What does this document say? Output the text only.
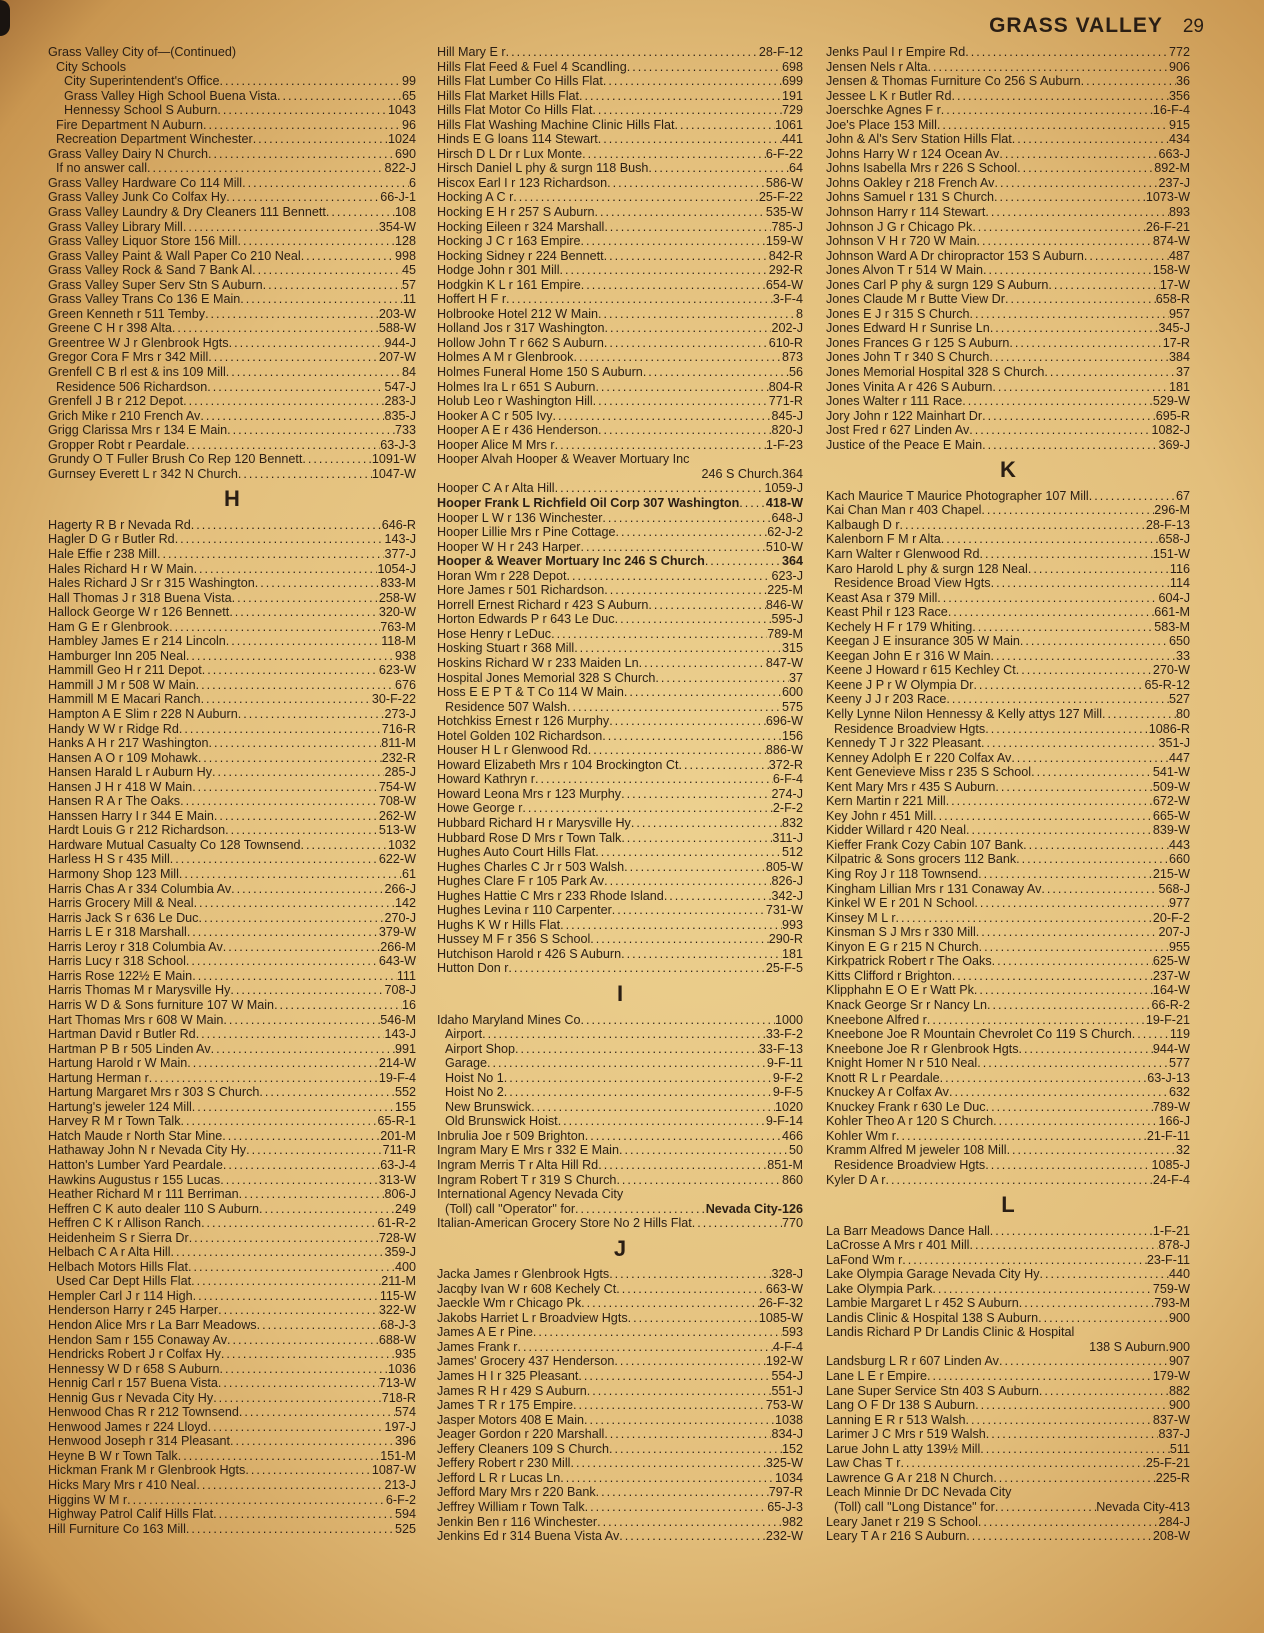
GRASS VALLEY 29
Grass Valley City of—(Continued)
City Schools
City Superintendent's Office .....	99
Grass Valley High School Buena Vista .....	65
Hennessy School S Auburn .....	1043
Fire Department N Auburn .....	96
Recreation Department Winchester .....	1024
Grass Valley Dairy N Church .....	690
If no answer call .....	822-J
Grass Valley Hardware Co 114 Mill .....	6
Grass Valley Junk Co Colfax Hy .....	66-J-1
Grass Valley Laundry & Dry Cleaners 111 Bennett .....	108
Grass Valley Library Mill .....	354-W
Grass Valley Liquor Store 156 Mill .....	128
Grass Valley Paint & Wall Paper Co 210 Neal .....	998
Grass Valley Rock & Sand 7 Bank Al .....	45
Grass Valley Super Serv Stn S Auburn .....	57
Grass Valley Trans Co 136 E Main .....	11
Green Kenneth r 511 Temby .....	203-W
Greene C H r 398 Alta .....	588-W
Greentree W J r Glenbrook Hgts .....	944-J
Gregor Cora F Mrs r 342 Mill .....	207-W
Grenfell C B rl est & ins 109 Mill .....	84
Residence 506 Richardson .....	547-J
Grenfell J B r 212 Depot .....	283-J
Grich Mike r 210 French Av .....	835-J
Grigg Clarissa Mrs r 134 E Main .....	733
Gropper Robt r Peardale .....	63-J-3
Grundy O T Fuller Brush Co Rep 120 Bennett .....	1091-W
Gurnsey Everett L r 342 N Church .....	1047-W
H
Hagerty R B r Nevada Rd .....	646-R
Hagler D G r Butler Rd .....	143-J
Hale Effie r 238 Mill .....	377-J
Hales Richard H r W Main .....	1054-J
Hales Richard J Sr r 315 Washington .....	833-M
Hall Thomas J r 318 Buena Vista .....	258-W
Hallock George W r 126 Bennett .....	320-W
Ham G E r Glenbrook .....	763-M
Hambley James E r 214 Lincoln .....	118-M
Hamburger Inn 205 Neal .....	938
Hammill Geo H r 211 Depot .....	623-W
Hammill J M r 508 W Main .....	676
Hammill M E Macari Ranch .....	30-F-22
Hampton A E Slim r 228 N Auburn .....	273-J
Handy W W r Ridge Rd .....	716-R
Hanks A H r 217 Washington .....	811-M
Hansen A O r 109 Mohawk .....	232-R
Hansen Harald L r Auburn Hy .....	285-J
Hansen J H r 418 W Main .....	754-W
Hansen R A r The Oaks .....	708-W
Hanssen Harry I r 344 E Main .....	262-W
Hardt Louis G r 212 Richardson .....	513-W
Hardware Mutual Casualty Co 128 Townsend .....	1032
Harless H S r 435 Mill .....	622-W
Harmony Shop 123 Mill .....	61
Harris Chas A r 334 Columbia Av .....	266-J
Harris Grocery Mill & Neal .....	142
Harris Jack S r 636 Le Duc .....	270-J
Harris L E r 318 Marshall .....	379-W
Harris Leroy r 318 Columbia Av .....	266-M
Harris Lucy r 318 School .....	643-W
Harris Rose 122½ E Main .....	111
Harris Thomas M r Marysville Hy .....	708-J
Harris W D & Sons furniture 107 W Main .....	16
Hart Thomas Mrs r 608 W Main .....	546-M
Hartman David r Butler Rd .....	143-J
Hartman P B r 505 Linden Av .....	991
Hartung Harold r W Main .....	214-W
Hartung Herman r .....	19-F-4
Hartung Margaret Mrs r 303 S Church .....	552
Hartung's jeweler 124 Mill .....	155
Harvey R M r Town Talk .....	65-R-1
Hatch Maude r North Star Mine .....	201-M
Hathaway John N r Nevada City Hy .....	711-R
Hatton's Lumber Yard Peardale .....	63-J-4
Hawkins Augustus r 155 Lucas .....	313-W
Heather Richard M r 111 Berriman .....	806-J
Heffren C K auto dealer 110 S Auburn .....	249
Heffren C K r Allison Ranch .....	61-R-2
Heidenheim S r Sierra Dr .....	728-W
Helbach C A r Alta Hill .....	359-J
Helbach Motors Hills Flat .....	400
Used Car Dept Hills Flat .....	211-M
Hempler Carl J r 114 High .....	115-W
Henderson Harry r 245 Harper .....	322-W
Hendon Alice Mrs r La Barr Meadows .....	68-J-3
Hendon Sam r 155 Conaway Av .....	688-W
Hendricks Robert J r Colfax Hy .....	935
Hennessy W D r 658 S Auburn .....	1036
Hennig Carl r 157 Buena Vista .....	713-W
Hennig Gus r Nevada City Hy .....	718-R
Henwood Chas R r 212 Townsend .....	574
Henwood James r 224 Lloyd .....	197-J
Henwood Joseph r 314 Pleasant .....	396
Heyne B W r Town Talk .....	151-M
Hickman Frank M r Glenbrook Hgts .....	1087-W
Hicks Mary Mrs r 410 Neal .....	213-J
Higgins W M r .....	6-F-2
Highway Patrol Calif Hills Flat .....	594
Hill Furniture Co 163 Mill .....	525
Hill Mary E r .....	28-F-12
Hills Flat Feed & Fuel 4 Scandling .....	698
Hills Flat Lumber Co Hills Flat .....	699
Hills Flat Market Hills Flat .....	191
Hills Flat Motor Co Hills Flat .....	729
Hills Flat Washing Machine Clinic Hills Flat .....	1061
Hinds E G loans 114 Stewart .....	441
Hirsch D L Dr r Lux Monte .....	6-F-22
Hirsch Daniel L phy & surgn 118 Bush .....	64
Hiscox Earl I r 123 Richardson .....	586-W
Hocking A C r .....	25-F-22
Hocking E H r 257 S Auburn .....	535-W
Hocking Eileen r 324 Marshall .....	785-J
Hocking J C r 163 Empire .....	159-W
Hocking Sidney r 224 Bennett .....	842-R
Hodge John r 301 Mill .....	292-R
Hodgkin K L r 161 Empire .....	654-W
Hoffert H F r .....	3-F-4
Holbrooke Hotel 212 W Main .....	8
Holland Jos r 317 Washington .....	202-J
Hollow John T r 662 S Auburn .....	610-R
Holmes A M r Glenbrook .....	873
Holmes Funeral Home 150 S Auburn .....	56
Holmes Ira L r 651 S Auburn .....	804-R
Holub Leo r Washington Hill .....	771-R
Hooker A C r 505 Ivy .....	845-J
Hooper A E r 436 Henderson .....	820-J
Hooper Alice M Mrs r .....	1-F-23
Hooper Alvah Hooper & Weaver Mortuary Inc
246 S Church . 364
Hooper C A r Alta Hill .....	1059-J
Hooper Frank L Richfield Oil Corp 307 Washington ..... 418-W
Hooper L W r 136 Winchester .....	648-J
Hooper Lillie Mrs r Pine Cottage .....	62-J-2
Hooper W H r 243 Harper .....	510-W
Hooper & Weaver Mortuary Inc 246 S Church .....	364
Horan Wm r 228 Depot .....	623-J
Hore James r 501 Richardson .....	225-M
Horrell Ernest Richard r 423 S Auburn .....	846-W
Horton Edwards P r 643 Le Duc .....	595-J
Hose Henry r LeDuc .....	789-M
Hosking Stuart r 368 Mill .....	315
Hoskins Richard W r 233 Maiden Ln .....	847-W
Hospital Jones Memorial 328 S Church .....	37
Hoss E E P T & T Co 114 W Main .....	600
Residence 507 Walsh .....	575
Hotchkiss Ernest r 126 Murphy .....	696-W
Hotel Golden 102 Richardson .....	156
Houser H L r Glenwood Rd .....	886-W
Howard Elizabeth Mrs r 104 Brockington Ct .....	372-R
Howard Kathryn r .....	6-F-4
Howard Leona Mrs r 123 Murphy .....	274-J
Howe George r .....	2-F-2
Hubbard Richard H r Marysville Hy .....	832
Hubbard Rose D Mrs r Town Talk .....	311-J
Hughes Auto Court Hills Flat .....	512
Hughes Charles C Jr r 503 Walsh .....	805-W
Hughes Clare F r 105 Park Av .....	826-J
Hughes Hattie C Mrs r 233 Rhode Island .....	342-J
Hughes Levina r 110 Carpenter .....	731-W
Hughs K W r Hills Flat .....	993
Hussey M F r 356 S School .....	290-R
Hutchison Harold r 426 S Auburn .....	181
Hutton Don r .....	25-F-5
I
Idaho Maryland Mines Co .....	1000
Airport .....	33-F-2
Airport Shop .....	33-F-13
Garage .....	9-F-11
Hoist No 1 .....	9-F-2
Hoist No 2 .....	9-F-5
New Brunswick .....	1020
Old Brunswick Hoist .....	9-F-14
Inbrulia Joe r 509 Brighton .....	466
Ingram Mary E Mrs r 332 E Main .....	50
Ingram Merris T r Alta Hill Rd .....	851-M
Ingram Robert T r 319 S Church .....	860
International Agency Nevada City
(Toll) call "Operator" for .....	Nevada City-126
Italian-American Grocery Store No 2 Hills Flat .....	770
J
Jacka James r Glenbrook Hgts .....	328-J
Jacqby Ivan W r 608 Kechely Ct .....	663-W
Jaeckle Wm r Chicago Pk .....	26-F-32
Jakobs Harriet L r Broadview Hgts .....	1085-W
James A E r Pine .....	593
James Frank r .....	4-F-4
James' Grocery 437 Henderson .....	192-W
James H I r 325 Pleasant .....	554-J
James R H r 429 S Auburn .....	551-J
James T R r 175 Empire .....	753-W
Jasper Motors 408 E Main .....	1038
Jeager Gordon r 220 Marshall .....	834-J
Jeffery Cleaners 109 S Church .....	152
Jeffery Robert r 230 Mill .....	325-W
Jefford L R r Lucas Ln .....	1034
Jefford Mary Mrs r 220 Bank .....	797-R
Jeffrey William r Town Talk .....	65-J-3
Jenkin Ben r 116 Winchester .....	982
Jenkins Ed r 314 Buena Vista Av .....	232-W
Jenks Paul I r Empire Rd .....	772
Jensen Nels r Alta .....	906
Jensen & Thomas Furniture Co 256 S Auburn .....	36
Jessee L K r Butler Rd .....	356
Joerschke Agnes F r .....	16-F-4
Joe's Place 153 Mill .....	915
John & Al's Serv Station Hills Flat .....	434
Johns Harry W r 124 Ocean Av .....	663-J
Johns Isabella Mrs r 226 S School .....	892-M
Johns Oakley r 218 French Av .....	237-J
Johns Samuel r 131 S Church .....	1073-W
Johnson Harry r 114 Stewart .....	893
Johnson J G r Chicago Pk .....	26-F-21
Johnson V H r 720 W Main .....	874-W
Johnson Ward A Dr chiropractor 153 S Auburn .....	487
Jones Alvon T r 514 W Main .....	158-W
Jones Carl P phy & surgn 129 S Auburn .....	17-W
Jones Claude M r Butte View Dr .....	658-R
Jones E J r 315 S Church .....	957
Jones Edward H r Sunrise Ln .....	345-J
Jones Frances G r 125 S Auburn .....	17-R
Jones John T r 340 S Church .....	384
Jones Memorial Hospital 328 S Church .....	37
Jones Vinita A r 426 S Auburn .....	181
Jones Walter r 111 Race .....	529-W
Jory John r 122 Mainhart Dr .....	695-R
Jost Fred r 627 Linden Av .....	1082-J
Justice of the Peace E Main .....	369-J
K
Kach Maurice T Maurice Photographer 107 Mill .....	67
Kai Chan Man r 403 Chapel .....	296-M
Kalbaugh D r .....	28-F-13
Kalenborn F M r Alta .....	658-J
Karn Walter r Glenwood Rd .....	151-W
Karo Harold L phy & surgn 128 Neal .....	116
Residence Broad View Hgts .....	114
Keast Asa r 379 Mill .....	604-J
Keast Phil r 123 Race .....	661-M
Kechely H F r 179 Whiting .....	583-M
Keegan J E insurance 305 W Main .....	650
Keegan John E r 316 W Main .....	33
Keene J Howard r 615 Kechley Ct .....	270-W
Keene J P r W Olympia Dr .....	65-R-12
Keeny J J r 203 Race .....	527
Kelly Lynne Nilon Hennessy & Kelly attys 127 Mill .....	80
Residence Broadview Hgts .....	1086-R
Kennedy T J r 322 Pleasant .....	351-J
Kenney Adolph E r 220 Colfax Av .....	447
Kent Genevieve Miss r 235 S School .....	541-W
Kent Mary Mrs r 435 S Auburn .....	509-W
Kern Martin r 221 Mill .....	672-W
Key John r 451 Mill .....	665-W
Kidder Willard r 420 Neal .....	839-W
Kieffer Frank Cozy Cabin 107 Bank .....	443
Kilpatric & Sons grocers 112 Bank .....	660
King Roy J r 118 Townsend .....	215-W
Kingham Lillian Mrs r 131 Conaway Av .....	568-J
Kinkel W E r 201 N School .....	977
Kinsey M L r .....	20-F-2
Kinsman S J Mrs r 330 Mill .....	207-J
Kinyon E G r 215 N Church .....	955
Kirkpatrick Robert r The Oaks .....	625-W
Kitts Clifford r Brighton .....	237-W
Klipphahn E O E r Watt Pk .....	164-W
Knack George Sr r Nancy Ln .....	66-R-2
Kneebone Alfred r .....	19-F-21
Kneebone Joe R Mountain Chevrolet Co 119 S Church .....	119
Kneebone Joe R r Glenbrook Hgts .....	944-W
Knight Homer N r 510 Neal .....	577
Knott R L r Peardale .....	63-J-13
Knuckey A r Colfax Av .....	632
Knuckey Frank r 630 Le Duc .....	789-W
Kohler Theo A r 120 S Church .....	166-J
Kohler Wm r .....	21-F-11
Kramm Alfred M jeweler 108 Mill .....	32
Residence Broadview Hgts .....	1085-J
Kyler D A r .....	24-F-4
L
La Barr Meadows Dance Hall .....	1-F-21
LaCrosse A Mrs r 401 Mill .....	878-J
LaFond Wm r .....	23-F-11
Lake Olympia Garage Nevada City Hy .....	440
Lake Olympia Park .....	759-W
Lambie Margaret L r 452 S Auburn .....	793-M
Landis Clinic & Hospital 138 S Auburn .....	900
Landis Richard P Dr Landis Clinic & Hospital
138 S Auburn . 900
Landsburg L R r 607 Linden Av .....	907
Lane L E r Empire .....	179-W
Lane Super Service Stn 403 S Auburn .....	882
Lang O F Dr 138 S Auburn .....	900
Lanning E R r 513 Walsh .....	837-W
Larimer J C Mrs r 519 Walsh .....	837-J
Larue John L atty 139½ Mill .....	511
Law Chas T r .....	25-F-21
Lawrence G A r 218 N Church .....	225-R
Leach Minnie Dr DC Nevada City
(Toll) call "Long Distance" for .....	Nevada City-413
Leary Janet r 219 S School .....	284-J
Leary T A r 216 S Auburn .....	208-W
